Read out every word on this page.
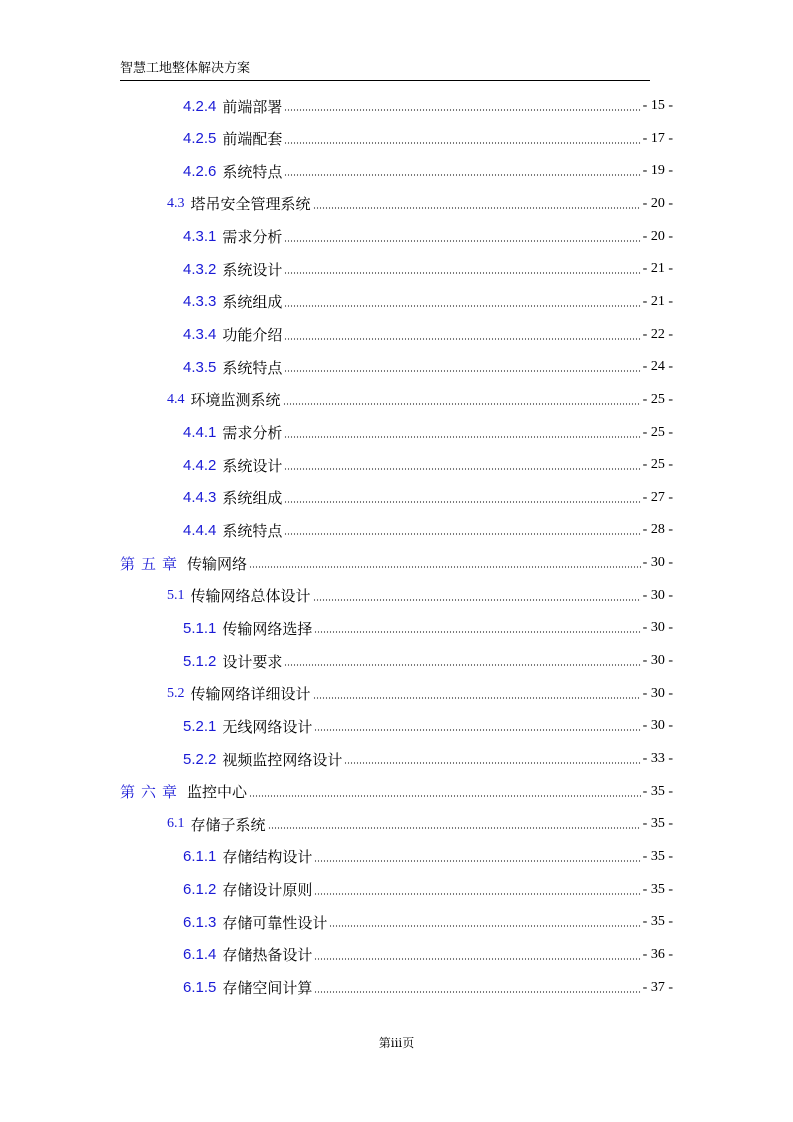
智慧工地整体解决方案
4.2.4 前端部署	- 15 -
4.2.5 前端配套	- 17 -
4.2.6 系统特点	- 19 -
4.3 塔吊安全管理系统	- 20 -
4.3.1 需求分析	- 20 -
4.3.2 系统设计	- 21 -
4.3.3 系统组成	- 21 -
4.3.4 功能介绍	- 22 -
4.3.5 系统特点	- 24 -
4.4 环境监测系统	- 25 -
4.4.1 需求分析	- 25 -
4.4.2 系统设计	- 25 -
4.4.3 系统组成	- 27 -
4.4.4 系统特点	- 28 -
第五章 传输网络	- 30 -
5.1 传输网络总体设计	- 30 -
5.1.1 传输网络选择	- 30 -
5.1.2 设计要求	- 30 -
5.2 传输网络详细设计	- 30 -
5.2.1 无线网络设计	- 30 -
5.2.2 视频监控网络设计	- 33 -
第六章 监控中心	- 35 -
6.1 存储子系统	- 35 -
6.1.1 存储结构设计	- 35 -
6.1.2 存储设计原则	- 35 -
6.1.3 存储可靠性设计	- 35 -
6.1.4 存储热备设计	- 36 -
6.1.5 存储空间计算	- 37 -
第iii页
